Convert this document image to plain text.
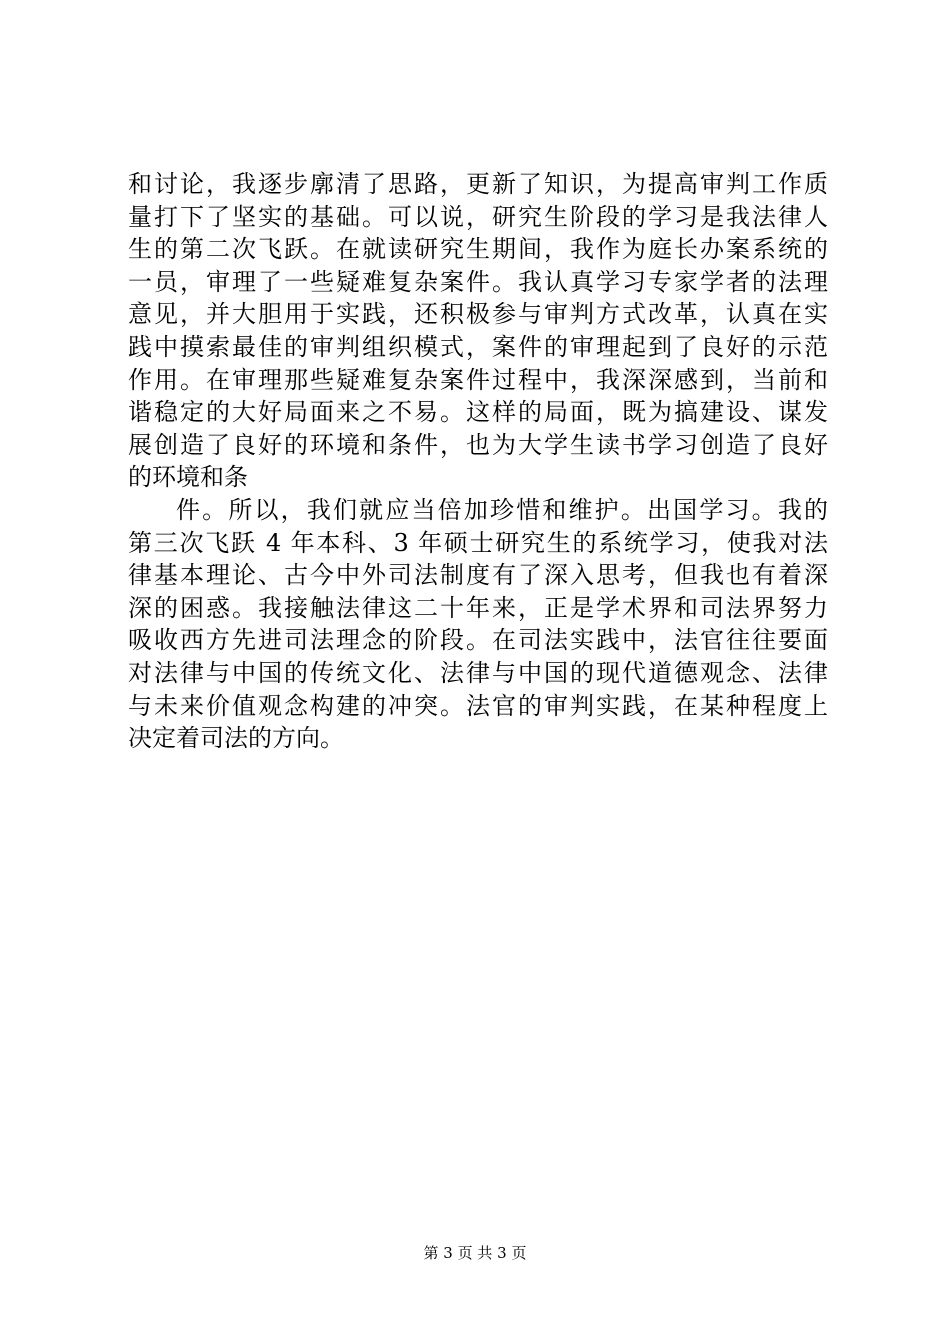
和讨论，我逐步廓清了思路，更新了知识，为提高审判工作质
量打下了坚实的基础。可以说，研究生阶段的学习是我法律人
生的第二次飞跃。在就读研究生期间，我作为庭长办案系统的
一员，审理了一些疑难复杂案件。我认真学习专家学者的法理
意见，并大胆用于实践，还积极参与审判方式改革，认真在实
践中摸索最佳的审判组织模式，案件的审理起到了良好的示范
作用。在审理那些疑难复杂案件过程中，我深深感到，当前和
谐稳定的大好局面来之不易。这样的局面，既为搞建设、谋发
展创造了良好的环境和条件，也为大学生读书学习创造了良好
的环境和条
件。所以，我们就应当倍加珍惜和维护。出国学习。我的
第三次飞跃 4 年本科、3 年硕士研究生的系统学习，使我对法
律基本理论、古今中外司法制度有了深入思考，但我也有着深
深的困惑。我接触法律这二十年来，正是学术界和司法界努力
吸收西方先进司法理念的阶段。在司法实践中，法官往往要面
对法律与中国的传统文化、法律与中国的现代道德观念、法律
与未来价值观念构建的冲突。法官的审判实践，在某种程度上
决定着司法的方向。
第 3 页 共 3 页
